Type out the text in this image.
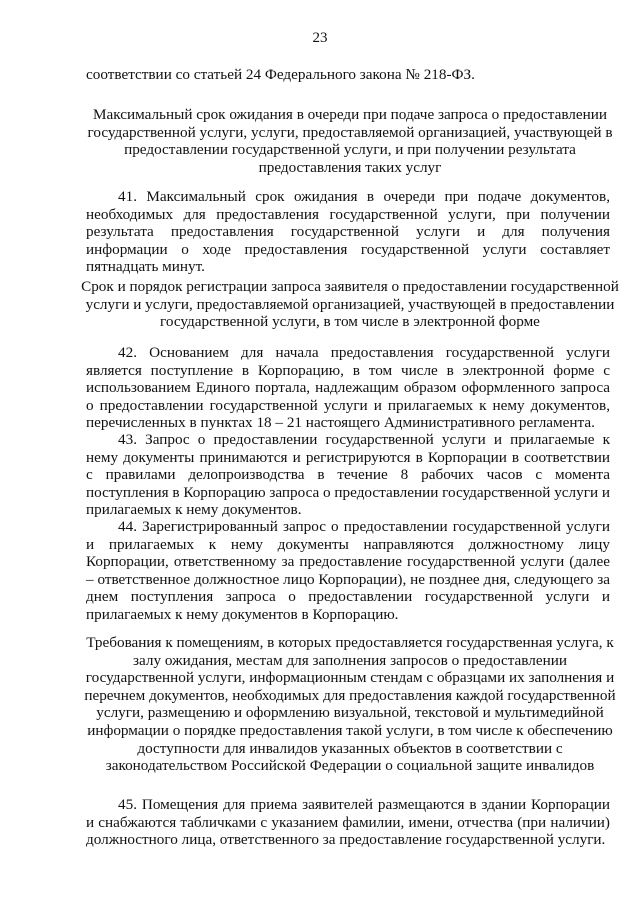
23

соответствии со статьей 24 Федерального закона № 218-ФЗ.

Максимальный срок ожидания в очереди при подаче запроса о предоставлении государственной услуги, услуги, предоставляемой организацией, участвующей в предоставлении государственной услуги, и при получении результата предоставления таких услуг

41. Максимальный срок ожидания в очереди при подаче документов, необходимых для предоставления государственной услуги, при получении результата предоставления государственной услуги и для получения информации о ходе предоставления государственной услуги составляет пятнадцать минут.

Срок и порядок регистрации запроса заявителя о предоставлении государственной услуги и услуги, предоставляемой организацией, участвующей в предоставлении государственной услуги, в том числе в электронной форме

42. Основанием для начала предоставления государственной услуги является поступление в Корпорацию, в том числе в электронной форме с использованием Единого портала, надлежащим образом оформленного запроса о предоставлении государственной услуги и прилагаемых к нему документов, перечисленных в пунктах 18 – 21 настоящего Административного регламента.

43. Запрос о предоставлении государственной услуги и прилагаемые к нему документы принимаются и регистрируются в Корпорации в соответствии с правилами делопроизводства в течение 8 рабочих часов с момента поступления в Корпорацию запроса о предоставлении государственной услуги и прилагаемых к нему документов.

44. Зарегистрированный запрос о предоставлении государственной услуги и прилагаемых к нему документы направляются должностному лицу Корпорации, ответственному за предоставление государственной услуги (далее – ответственное должностное лицо Корпорации), не позднее дня, следующего за днем поступления запроса о предоставлении государственной услуги и прилагаемых к нему документов в Корпорацию.

Требования к помещениям, в которых предоставляется государственная услуга, к залу ожидания, местам для заполнения запросов о предоставлении государственной услуги, информационным стендам с образцами их заполнения и перечнем документов, необходимых для предоставления каждой государственной услуги, размещению и оформлению визуальной, текстовой и мультимедийной информации о порядке предоставления такой услуги, в том числе к обеспечению доступности для инвалидов указанных объектов в соответствии с законодательством Российской Федерации о социальной защите инвалидов

45. Помещения для приема заявителей размещаются в здании Корпорации и снабжаются табличками с указанием фамилии, имени, отчества (при наличии) должностного лица, ответственного за предоставление государственной услуги.
